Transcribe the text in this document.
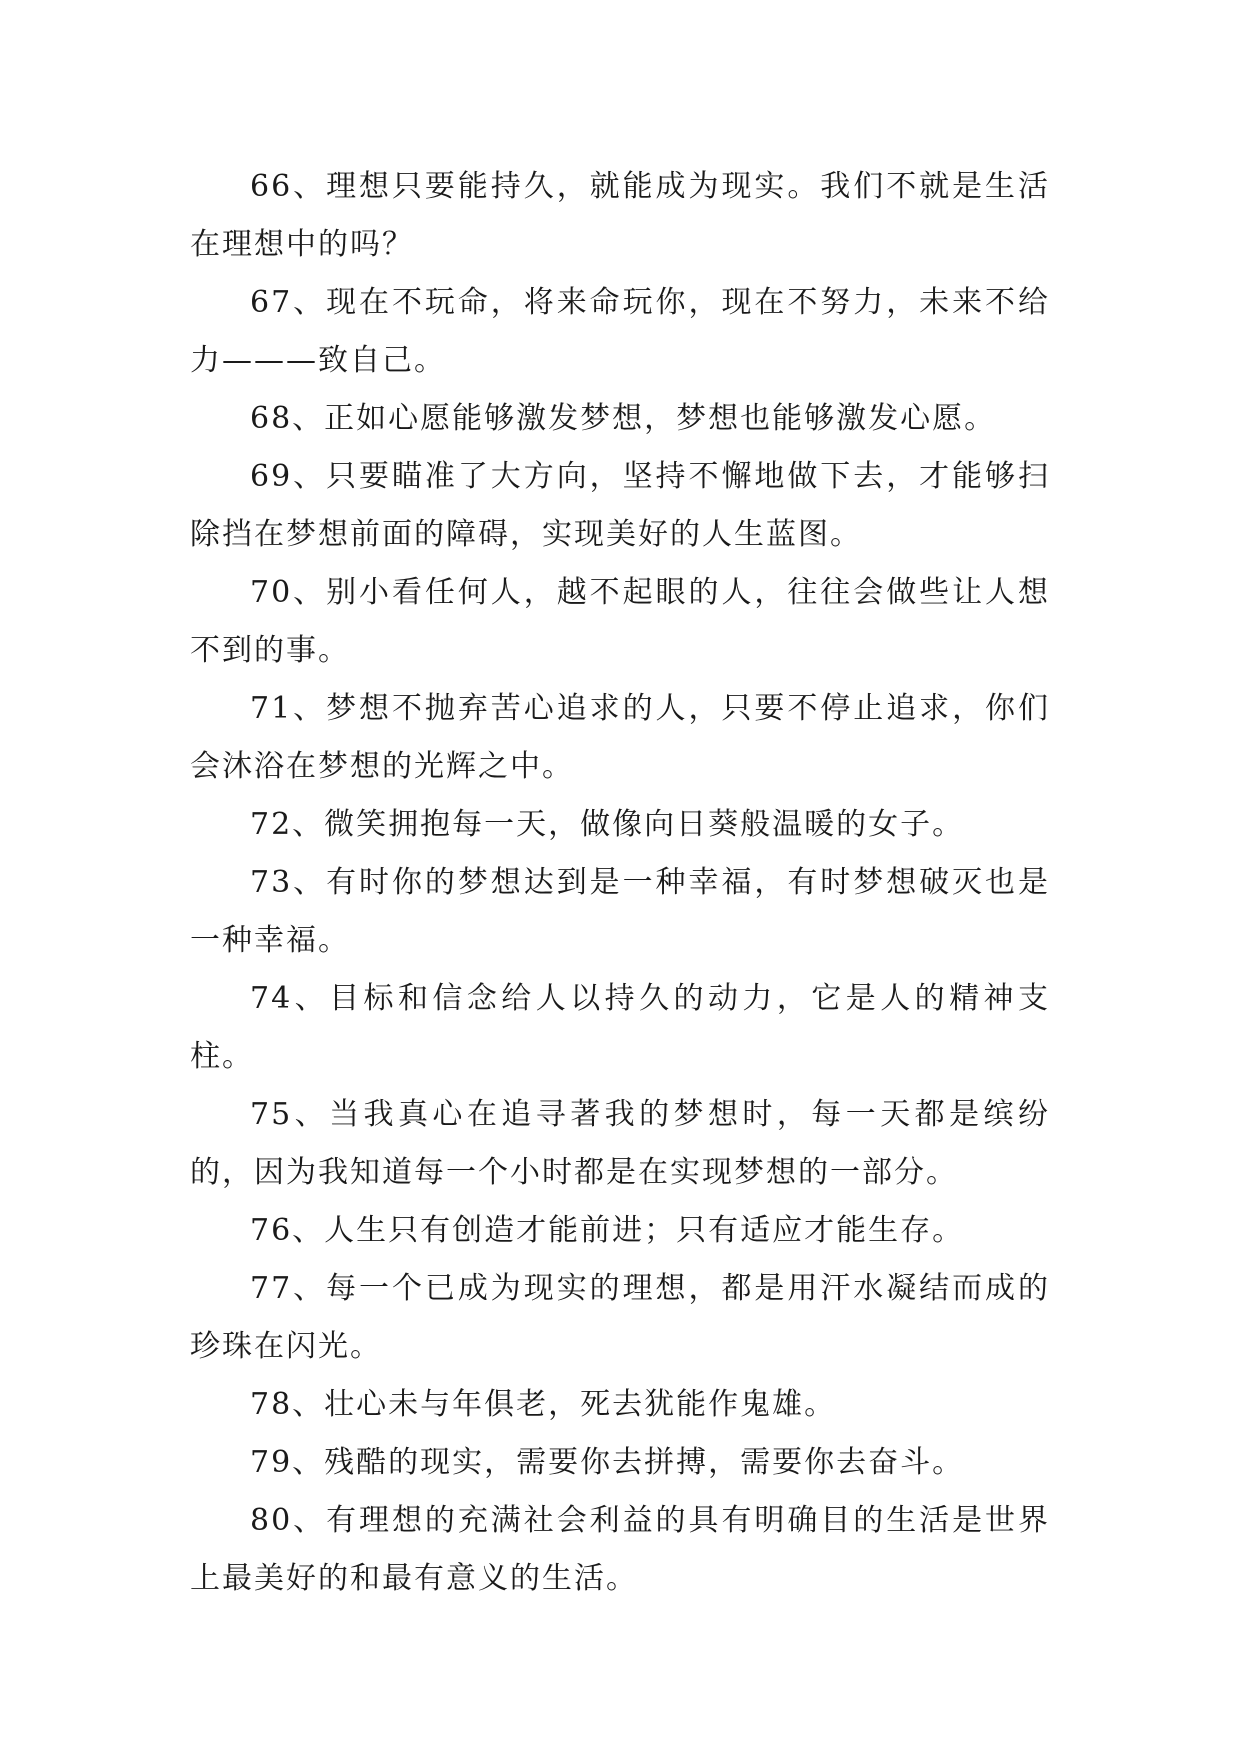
66、理想只要能持久，就能成为现实。我们不就是生活在理想中的吗？

67、现在不玩命，将来命玩你，现在不努力，未来不给力———致自己。

68、正如心愿能够激发梦想，梦想也能够激发心愿。

69、只要瞄准了大方向，坚持不懈地做下去，才能够扫除挡在梦想前面的障碍，实现美好的人生蓝图。

70、别小看任何人，越不起眼的人，往往会做些让人想不到的事。

71、梦想不抛弃苦心追求的人，只要不停止追求，你们会沐浴在梦想的光辉之中。

72、微笑拥抱每一天，做像向日葵般温暖的女子。

73、有时你的梦想达到是一种幸福，有时梦想破灭也是一种幸福。

74、目标和信念给人以持久的动力，它是人的精神支柱。

75、当我真心在追寻著我的梦想时，每一天都是缤纷的，因为我知道每一个小时都是在实现梦想的一部分。

76、人生只有创造才能前进；只有适应才能生存。

77、每一个已成为现实的理想，都是用汗水凝结而成的珍珠在闪光。

78、壮心未与年俱老，死去犹能作鬼雄。

79、残酷的现实，需要你去拼搏，需要你去奋斗。

80、有理想的充满社会利益的具有明确目的生活是世界上最美好的和最有意义的生活。
